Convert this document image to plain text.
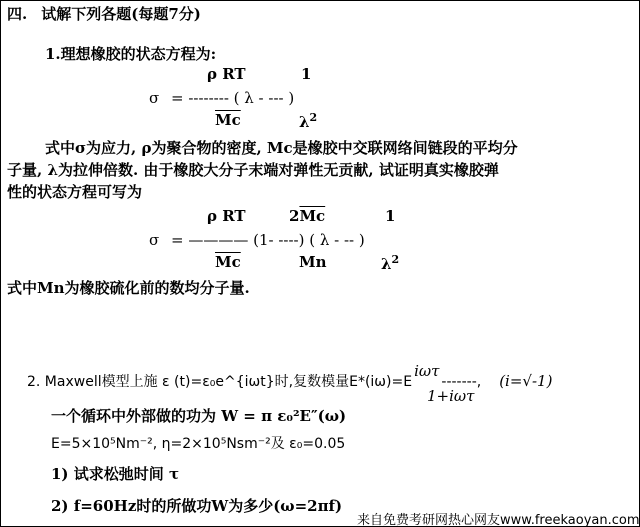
四. 试解下列各题(每题7分)
1.理想橡胶的状态方程为:
ρ RT	1
σ = -------- ( λ - --- )
$\overline{Mc}$	$\lambda^2$
式中σ为应力, ρ为聚合物的密度, Mc是橡胶中交联网络间链段的平均分
子量, λ为拉伸倍数. 由于橡胶大分子末端对弹性无贡献, 试证明真实橡胶弹
性的状态方程可写为
ρ RT	$2\overline{Mc}$	1
σ = ———— (1- ----) ( λ - -- )
$\overline{Mc}$	Mn	$\lambda^2$
式中Mn为橡胶硫化前的数均分子量.
2. Maxwell模型上施 ε (t)=ε₀e^{iωt}时,复数模量E*(iω)=Eiωτ-------, (i=√-1)
1+iωτ
一个循环中外部做的功为 W = π ε₀²E″(ω)
E=5×10⁵Nm⁻², η=2×10⁵Nsm⁻²及 ε₀=0.05
1) 试求松弛时间 τ
2) f=60Hz时的所做功W为多少(ω=2πf)
来自免费考研网热心网友www.freekaoyan.com
